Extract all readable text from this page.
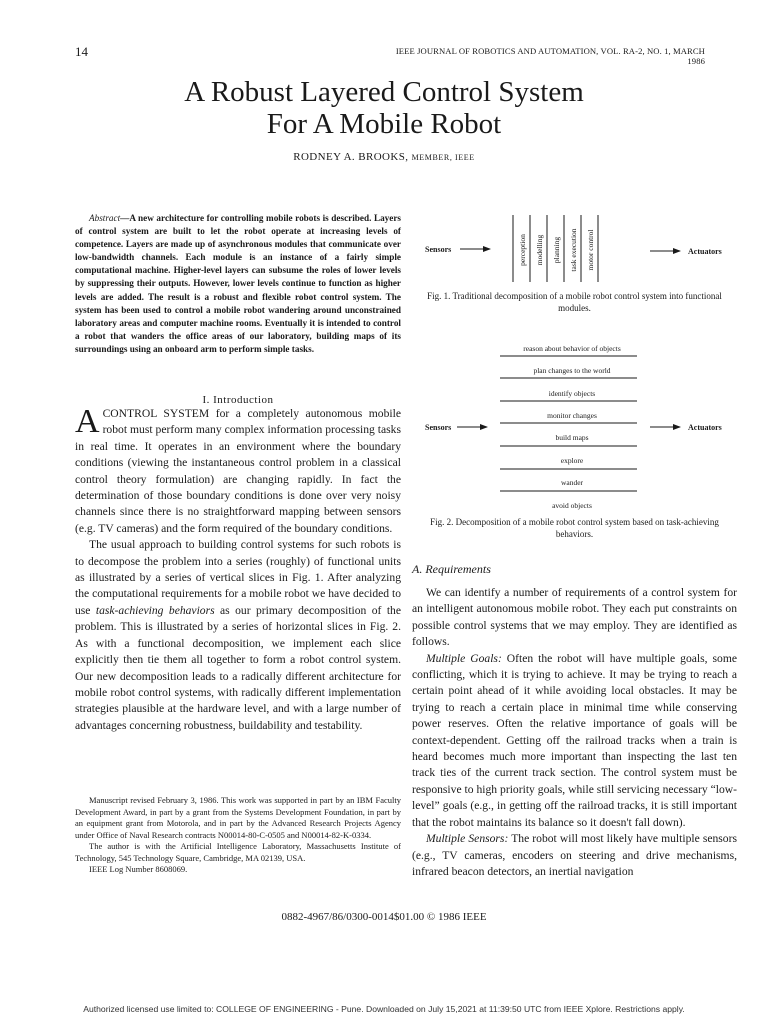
14	IEEE JOURNAL OF ROBOTICS AND AUTOMATION, VOL. RA-2, NO. 1, MARCH 1986
A Robust Layered Control System
For A Mobile Robot
RODNEY A. BROOKS, MEMBER, IEEE
Abstract—A new architecture for controlling mobile robots is described. Layers of control system are built to let the robot operate at increasing levels of competence. Layers are made up of asynchronous modules that communicate over low-bandwidth channels. Each module is an instance of a fairly simple computational machine. Higher-level layers can subsume the roles of lower levels by suppressing their outputs. However, lower levels continue to function as higher levels are added. The result is a robust and flexible robot control system. The system has been used to control a mobile robot wandering around unconstrained laboratory areas and computer machine rooms. Eventually it is intended to control a robot that wanders the office areas of our laboratory, building maps of its surroundings using an onboard arm to perform simple tasks.
I. Introduction

ACONTROL SYSTEM for a completely autonomous mobile robot must perform many complex information processing tasks in real time. It operates in an environment where the boundary conditions (viewing the instantaneous control problem in a classical control theory formulation) are changing rapidly. In fact the determination of those boundary conditions is done over very noisy channels since there is no straightforward mapping between sensors (e.g. TV cameras) and the form required of the boundary conditions.

The usual approach to building control systems for such robots is to decompose the problem into a series (roughly) of functional units as illustrated by a series of vertical slices in Fig. 1. After analyzing the computational requirements for a mobile robot we have decided to use task-achieving behaviors as our primary decomposition of the problem. This is illustrated by a series of horizontal slices in Fig. 2. As with a functional decomposition, we implement each slice explicitly then tie them all together to form a robot control system. Our new decomposition leads to a radically different architecture for mobile robot control systems, with radically different implementation strategies plausible at the hardware level, and with a large number of advantages concerning robustness, buildability and testability.

Manuscript revised February 3, 1986. This work was supported in part by an IBM Faculty Development Award, in part by a grant from the Systems Development Foundation, in part by an equipment grant from Motorola, and in part by the Advanced Research Projects Agency under Office of Naval Research contracts N00014-80-C-0505 and N00014-82-K-0334.

The author is with the Artificial Intelligence Laboratory, Massachusetts Institute of Technology, 545 Technology Square, Cambridge, MA 02139, USA.

IEEE Log Number 8608069.

Sensors	perception modelling planning task execution motor control	Actuators
Fig. 1. Traditional decomposition of a mobile robot control system into functional modules.
reason about behavior of objects
plan changes to the world
identify objects
monitor changes
build maps
explore
wander
avoid objects
Sensors	Actuators
Fig. 2. Decomposition of a mobile robot control system based on task-achieving behaviors.
A. Requirements

We can identify a number of requirements of a control system for an intelligent autonomous mobile robot. They each put constraints on possible control systems that we may employ. They are identified as follows.

Multiple Goals: Often the robot will have multiple goals, some conflicting, which it is trying to achieve. It may be trying to reach a certain point ahead of it while avoiding local obstacles. It may be trying to reach a certain place in minimal time while conserving power reserves. Often the relative importance of goals will be context-dependent. Getting off the railroad tracks when a train is heard becomes much more important than inspecting the last ten track ties of the current track section. The control system must be responsive to high priority goals, while still servicing necessary “low-level” goals (e.g., in getting off the railroad tracks, it is still important that the robot maintains its balance so it doesn't fall down).

Multiple Sensors: The robot will most likely have multiple sensors (e.g., TV cameras, encoders on steering and drive mechanisms, infrared beacon detectors, an inertial navigation

0882-4967/86/0300-0014$01.00 © 1986 IEEE
Authorized licensed use limited to: COLLEGE OF ENGINEERING - Pune. Downloaded on July 15,2021 at 11:39:50 UTC from IEEE Xplore. Restrictions apply.
